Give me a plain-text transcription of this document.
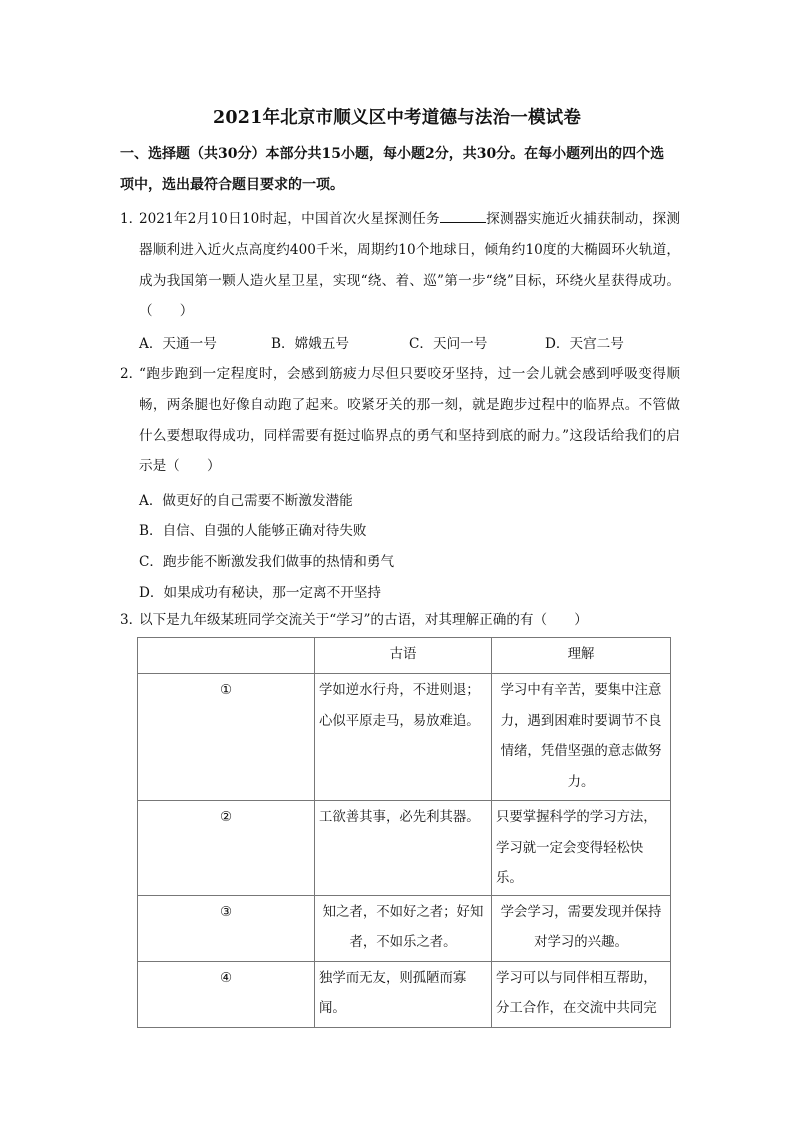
2021年北京市顺义区中考道德与法治一模试卷
一、选择题（共30分）本部分共15小题，每小题2分，共30分。在每小题列出的四个选
项中，选出最符合题目要求的一项。
1．
2021年2月10日10时起，中国首次火星探测任务	探测器实施近火捕获制动，探测器顺利进入近火点高度约400千米，周期约10个地球日，倾角约10度的大椭圆环火轨道，成为我国第一颗人造火星卫星，实现“绕、着、巡”第一步“绕”目标，环绕火星获得成功。（　　）
A．天通一号	B．嫦娥五号	C．天问一号	D．天宫二号
2．
“跑步跑到一定程度时，会感到筋疲力尽但只要咬牙坚持，过一会儿就会感到呼吸变得顺畅，两条腿也好像自动跑了起来。咬紧牙关的那一刻，就是跑步过程中的临界点。不管做什么要想取得成功，同样需要有挺过临界点的勇气和坚持到底的耐力。”这段话给我们的启示是（　　）
A．做更好的自己需要不断激发潜能
B．自信、自强的人能够正确对待失败
C．跑步能不断激发我们做事的热情和勇气
D．如果成功有秘诀，那一定离不开坚持
3．
以下是九年级某班同学交流关于“学习”的古语，对其理解正确的有（　　）

	古语	理解

①	学如逆水行舟，不进则退；心似平原走马，易放难追。	学习中有辛苦，要集中注意力，遇到困难时要调节不良情绪，凭借坚强的意志做努力。

②	工欲善其事，必先利其器。	只要掌握科学的学习方法，学习就一定会变得轻松快乐。

③	知之者，不如好之者；好知者，不如乐之者。	学会学习，需要发现并保持对学习的兴趣。

④	独学而无友，则孤陋而寡闻。	学习可以与同伴相互帮助，分工合作，在交流中共同完
